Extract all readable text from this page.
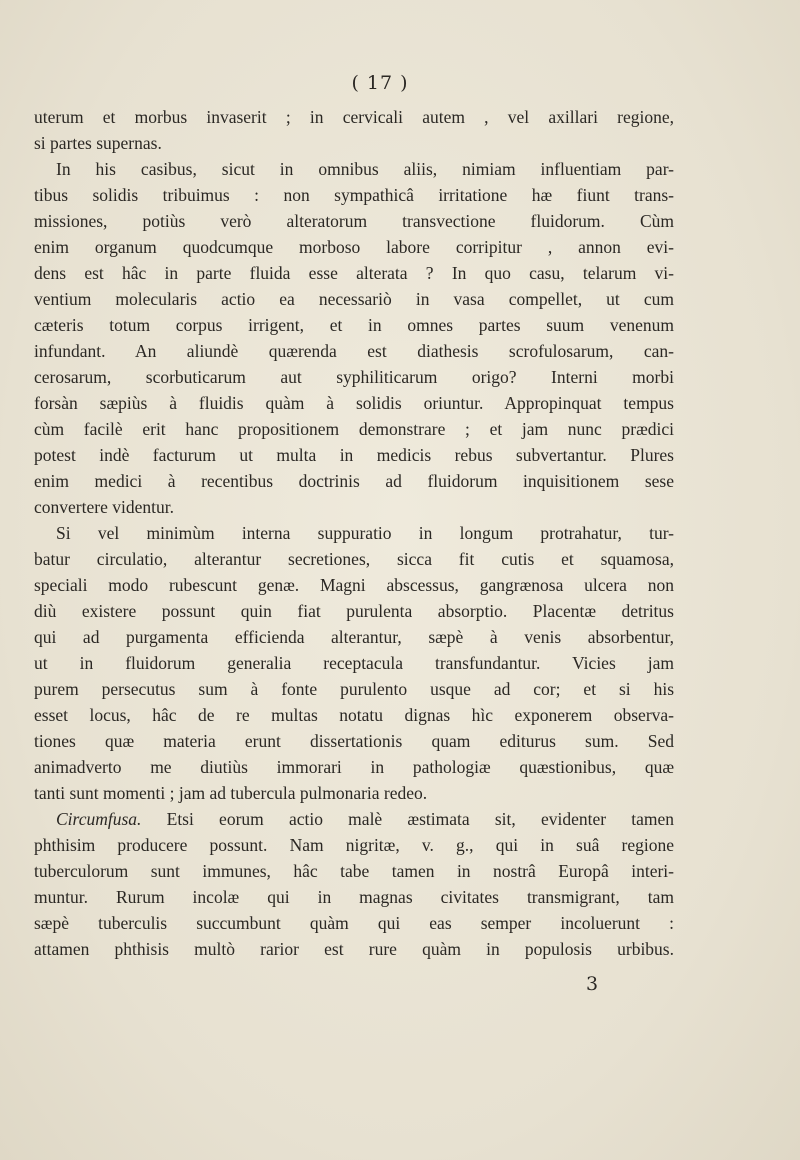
( 17 )
uterum et morbus invaserit ; in cervicali autem , vel axillari regione,
si partes supernas.
In his casibus, sicut in omnibus aliis, nimiam influentiam par-
tibus solidis tribuimus : non sympathicâ irritatione hæ fiunt trans-
missiones, potiùs verò alteratorum transvectione fluidorum. Cùm
enim organum quodcumque morboso labore corripitur , annon evi-
dens est hâc in parte fluida esse alterata ? In quo casu, telarum vi-
ventium molecularis actio ea necessariò in vasa compellet, ut cum
cæteris totum corpus irrigent, et in omnes partes suum venenum
infundant. An aliundè quærenda est diathesis scrofulosarum, can-
cerosarum, scorbuticarum aut syphiliticarum origo? Interni morbi
forsàn sæpiùs à fluidis quàm à solidis oriuntur. Appropinquat tempus
cùm facilè erit hanc propositionem demonstrare ; et jam nunc prædici
potest indè facturum ut multa in medicis rebus subvertantur. Plures
enim medici à recentibus doctrinis ad fluidorum inquisitionem sese
convertere videntur.
Si vel minimùm interna suppuratio in longum protrahatur, tur-
batur circulatio, alterantur secretiones, sicca fit cutis et squamosa,
speciali modo rubescunt genæ. Magni abscessus, gangrænosa ulcera non
diù existere possunt quin fiat purulenta absorptio. Placentæ detritus
qui ad purgamenta efficienda alterantur, sæpè à venis absorbentur,
ut in fluidorum generalia receptacula transfundantur. Vicies jam
purem persecutus sum à fonte purulento usque ad cor; et si his
esset locus, hâc de re multas notatu dignas hìc exponerem observa-
tiones quæ materia erunt dissertationis quam editurus sum. Sed
animadverto me diutiùs immorari in pathologiæ quæstionibus, quæ
tanti sunt momenti ; jam ad tubercula pulmonaria redeo.
Circumfusa. Etsi eorum actio malè æstimata sit, evidenter tamen
phthisim producere possunt. Nam nigritæ, v. g., qui in suâ regione
tuberculorum sunt immunes, hâc tabe tamen in nostrâ Europâ interi-
muntur. Rurum incolæ qui in magnas civitates transmigrant, tam
sæpè tuberculis succumbunt quàm qui eas semper incoluerunt :
attamen phthisis multò rarior est rure quàm in populosis urbibus.
3
